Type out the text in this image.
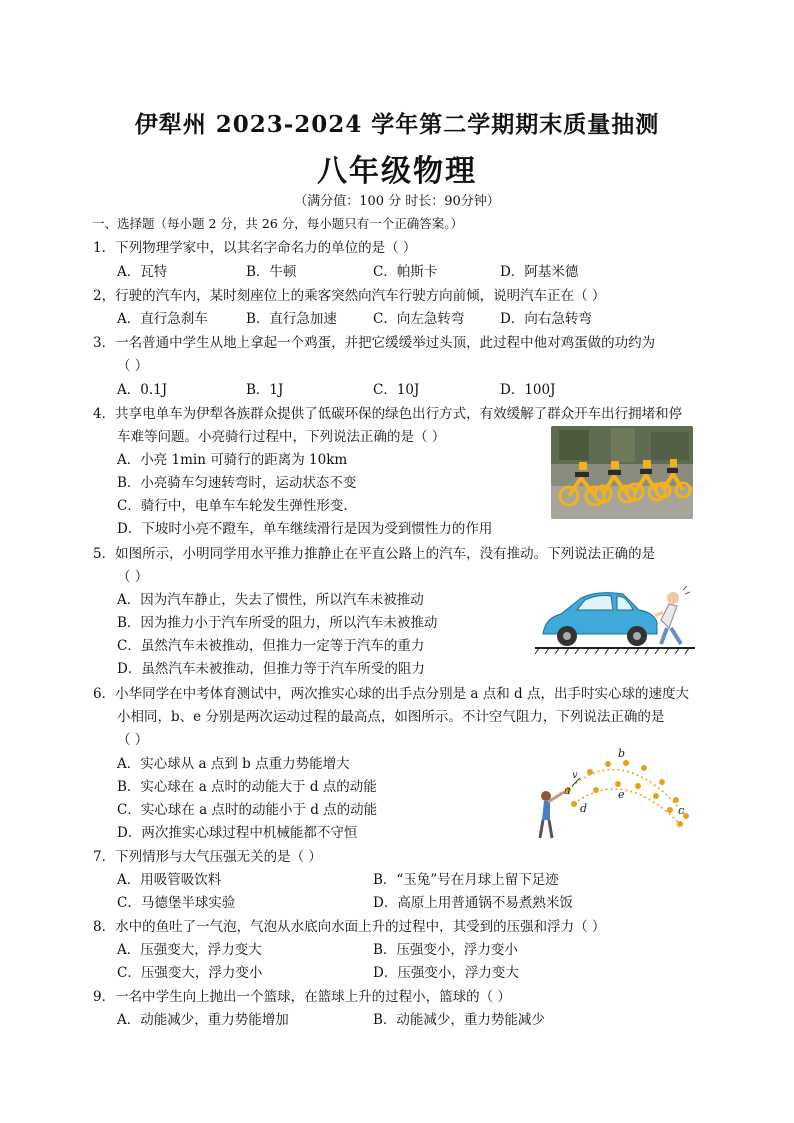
伊犁州 2023-2024 学年第二学期期末质量抽测
八年级物理
（满分值：100 分 时长：90分钟）
一、选择题（每小题 2 分，共 26 分，每小题只有一个正确答案。）
1．下列物理学家中，以其名字命名力的单位的是（ ）
A．瓦特	B．牛顿	C．帕斯卡	D．阿基米德
2，行驶的汽车内，某时刻座位上的乘客突然向汽车行驶方向前倾，说明汽车正在（ ）
A．直行急刹车	B．直行急加速	C．向左急转弯	D．向右急转弯
3．一名普通中学生从地上拿起一个鸡蛋，并把它缓缓举过头顶，此过程中他对鸡蛋做的功约为
（ ）
A．0.1J	B．1J	C．10J	D．100J
4．共享电单车为伊犁各族群众提供了低碳环保的绿色出行方式，有效缓解了群众开车出行拥堵和停
车难等问题。小亮骑行过程中，下列说法正确的是（ ）
A．小亮 1min 可骑行的距离为 10km
B．小亮骑车匀速转弯时，运动状态不变
C．骑行中，电单车车轮发生弹性形变.
D．下坡时小亮不蹬车，单车继续滑行是因为受到惯性力的作用
5．如图所示，小明同学用水平推力推静止在平直公路上的汽车，没有推动。下列说法正确的是
（ ）
A．因为汽车静止，失去了惯性，所以汽车未被推动
B．因为推力小于汽车所受的阻力，所以汽车未被推动
C．虽然汽车未被推动，但推力一定等于汽车的重力
D．虽然汽车未被推动，但推力等于汽车所受的阻力
6．小华同学在中考体育测试中，两次推实心球的出手点分别是 a 点和 d 点，出手时实心球的速度大
小相同，b、e 分别是两次运动过程的最高点，如图所示。不计空气阻力，下列说法正确的是
（ ）
A．实心球从 a 点到 b 点重力势能增大
B．实心球在 a 点时的动能大于 d 点的动能
C．实心球在 a 点时的动能小于 d 点的动能
D．两次推实心球过程中机械能都不守恒
b
v
a
d
e
c
7．下列情形与大气压强无关的是（ ）
A．用吸管吸饮料	B．“玉兔”号在月球上留下足迹
C．马德堡半球实验	D．高原上用普通锅不易煮熟米饭
8．水中的鱼吐了一气泡，气泡从水底向水面上升的过程中，其受到的压强和浮力（ ）
A．压强变大，浮力变大	B．压强变小，浮力变小
C．压强变大，浮力变小	D．压强变小，浮力变大
9．一名中学生向上抛出一个篮球，在篮球上升的过程小，篮球的（ ）
A．动能减少，重力势能增加	B．动能减少，重力势能减少
